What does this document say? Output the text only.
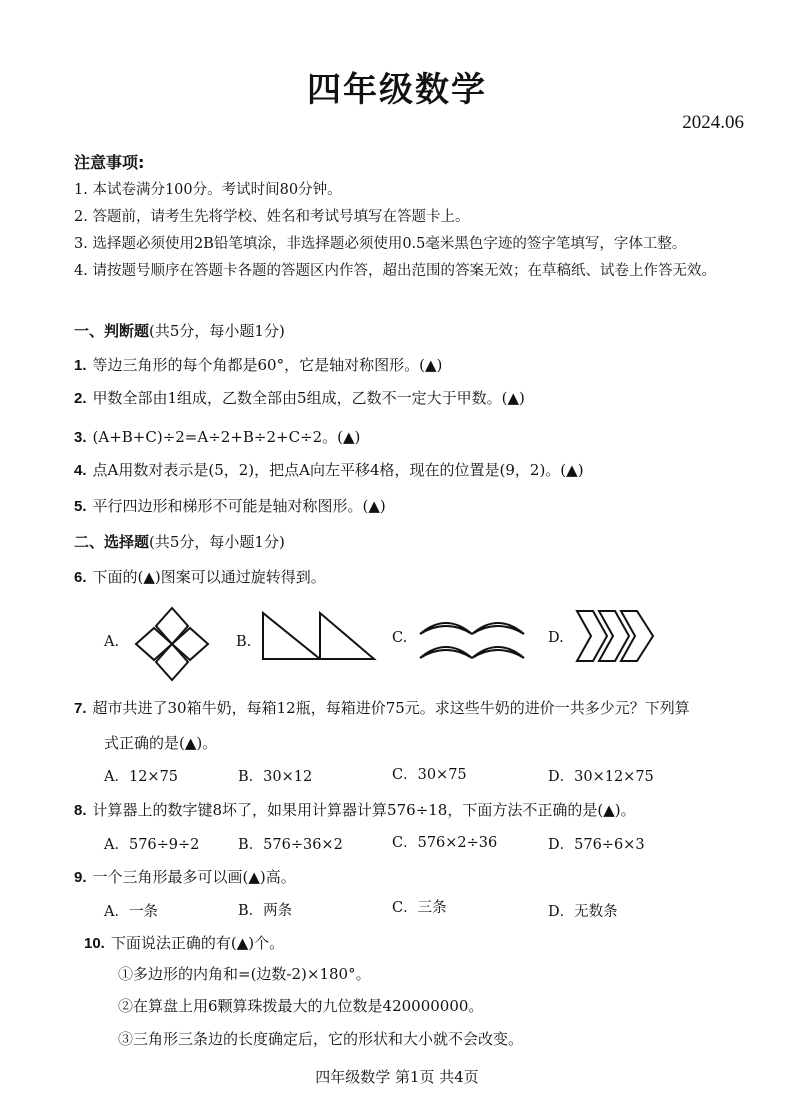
四年级数学
2024.06
注意事项:
1. 本试卷满分100分。考试时间80分钟。
2. 答题前，请考生先将学校、姓名和考试号填写在答题卡上。
3. 选择题必须使用2B铅笔填涂，非选择题必须使用0.5毫米黑色字迹的签字笔填写，字体工整。
4. 请按题号顺序在答题卡各题的答题区内作答，超出范围的答案无效；在草稿纸、试卷上作答无效。
一、判断题(共5分，每小题1分)
1. 等边三角形的每个角都是60°，它是轴对称图形。(▲)
2. 甲数全部由1组成，乙数全部由5组成，乙数不一定大于甲数。(▲)
3. (A+B+C)÷2=A÷2+B÷2+C÷2。(▲)
4. 点A用数对表示是(5，2)，把点A向左平移4格，现在的位置是(9，2)。(▲)
5. 平行四边形和梯形不可能是轴对称图形。(▲)
二、选择题(共5分，每小题1分)
6. 下面的(▲)图案可以通过旋转得到。
A.	B.	C.	D.
7. 超市共进了30箱牛奶，每箱12瓶，每箱进价75元。求这些牛奶的进价一共多少元？下列算
式正确的是(▲)。
A．12×75	B．30×12	C．30×75	D．30×12×75
8. 计算器上的数字键8坏了，如果用计算器计算576÷18，下面方法不正确的是(▲)。
A．576÷9÷2	B．576÷36×2	C．576×2÷36	D．576÷6×3
9. 一个三角形最多可以画(▲)高。
A．一条	B．两条	C．三条	D．无数条
10. 下面说法正确的有(▲)个。
①多边形的内角和=(边数-2)×180°。
②在算盘上用6颗算珠拨最大的九位数是420000000。
③三角形三条边的长度确定后，它的形状和大小就不会改变。
四年级数学 第1页 共4页
